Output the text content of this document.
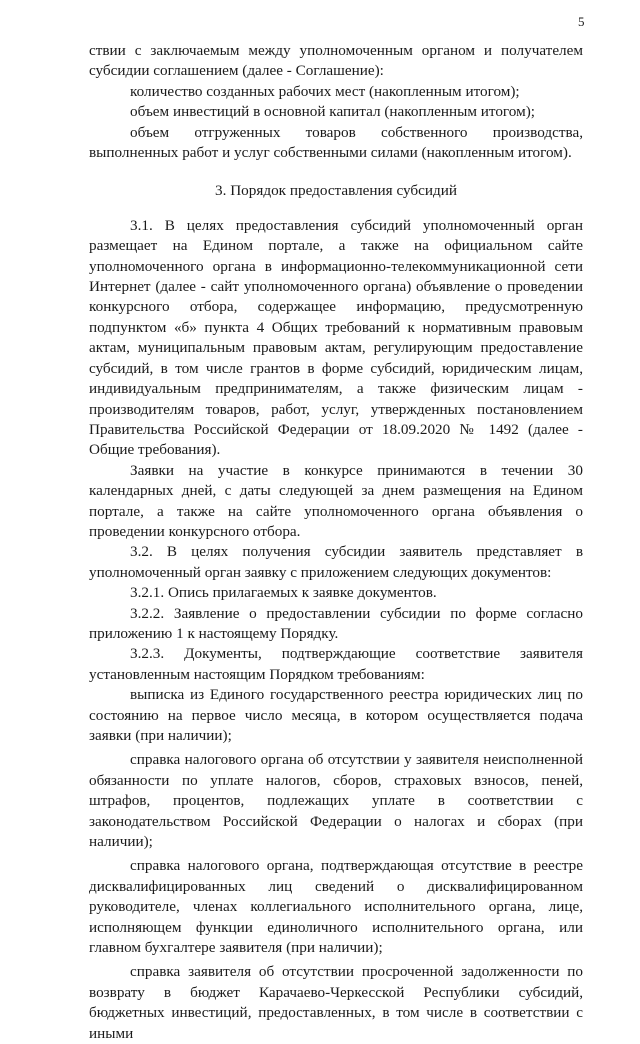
5

ствии с заключаемым между уполномоченным органом и получателем субсидии соглашением (далее - Соглашение):

количество созданных рабочих мест (накопленным итогом);

объем инвестиций в основной капитал (накопленным итогом);

объем отгруженных товаров собственного производства, выполненных работ и услуг собственными силами (накопленным итогом).

3. Порядок предоставления субсидий

3.1. В целях предоставления субсидий уполномоченный орган размещает на Едином портале, а также на официальном сайте уполномоченного органа в информационно-телекоммуникационной сети Интернет (далее - сайт уполномоченного органа) объявление о проведении конкурсного отбора, содержащее информацию, предусмотренную подпунктом «б» пункта 4 Общих требований к нормативным правовым актам, муниципальным правовым актам, регулирующим предоставление субсидий, в том числе грантов в форме субсидий, юридическим лицам, индивидуальным предпринимателям, а также физическим лицам - производителям товаров, работ, услуг, утвержденных постановлением Правительства Российской Федерации от 18.09.2020 № 1492 (далее - Общие требования).

Заявки на участие в конкурсе принимаются в течении 30 календарных дней, с даты следующей за днем размещения на Едином портале, а также на сайте уполномоченного органа объявления о проведении конкурсного отбора.

3.2. В целях получения субсидии заявитель представляет в уполномоченный орган заявку с приложением следующих документов:

3.2.1. Опись прилагаемых к заявке документов.

3.2.2. Заявление о предоставлении субсидии по форме согласно приложению 1 к настоящему Порядку.

3.2.3. Документы, подтверждающие соответствие заявителя установленным настоящим Порядком требованиям:

выписка из Единого государственного реестра юридических лиц по состоянию на первое число месяца, в котором осуществляется подача заявки (при наличии);

справка налогового органа об отсутствии у заявителя неисполненной обязанности по уплате налогов, сборов, страховых взносов, пеней, штрафов, процентов, подлежащих уплате в соответствии с законодательством Российской Федерации о налогах и сборах (при наличии);

справка налогового органа, подтверждающая отсутствие в реестре дисквалифицированных лиц сведений о дисквалифицированном руководителе, членах коллегиального исполнительного органа, лице, исполняющем функции единоличного исполнительного органа, или главном бухгалтере заявителя (при наличии);

справка заявителя об отсутствии просроченной задолженности по возврату в бюджет Карачаево-Черкесской Республики субсидий, бюджетных инвестиций, предоставленных, в том числе в соответствии с иными
